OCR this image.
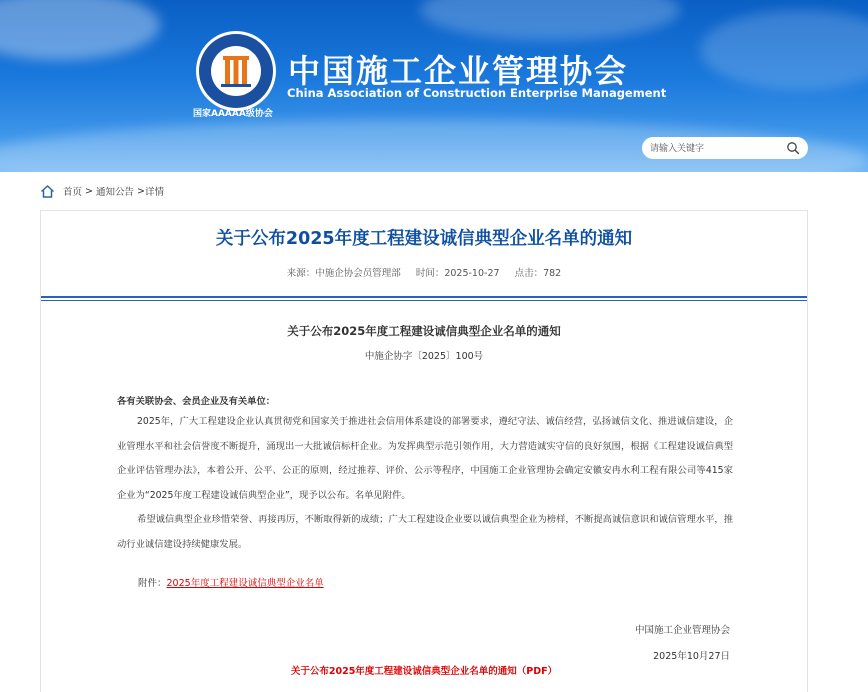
国家AAAAA级协会
中国施工企业管理协会
China Association of Construction Enterprise Management
请输入关键字
首页 > 通知公告 > 详情
关于公布2025年度工程建设诚信典型企业名单的通知
来源：中施企协会员管理部 时间：2025-10-27 点击：782
关于公布2025年度工程建设诚信典型企业名单的通知
中施企协字〔2025〕100号
各有关联协会、会员企业及有关单位：
2025年，广大工程建设企业认真贯彻党和国家关于推进社会信用体系建设的部署要求，遵纪守法、诚信经营，弘扬诚信文化、推进诚信建设，企业管理水平和社会信誉度不断提升，涌现出一大批诚信标杆企业。为发挥典型示范引领作用，大力营造诚实守信的良好氛围，根据《工程建设诚信典型企业评估管理办法》，本着公开、公平、公正的原则，经过推荐、评价、公示等程序，中国施工企业管理协会确定安徽安冉水利工程有限公司等415家企业为“2025年度工程建设诚信典型企业”，现予以公布。名单见附件。
希望诚信典型企业珍惜荣誉、再接再厉，不断取得新的成绩；广大工程建设企业要以诚信典型企业为榜样，不断提高诚信意识和诚信管理水平，推动行业诚信建设持续健康发展。
附件：2025年度工程建设诚信典型企业名单
中国施工企业管理协会
2025年10月27日
关于公布2025年度工程建设诚信典型企业名单的通知（PDF）
